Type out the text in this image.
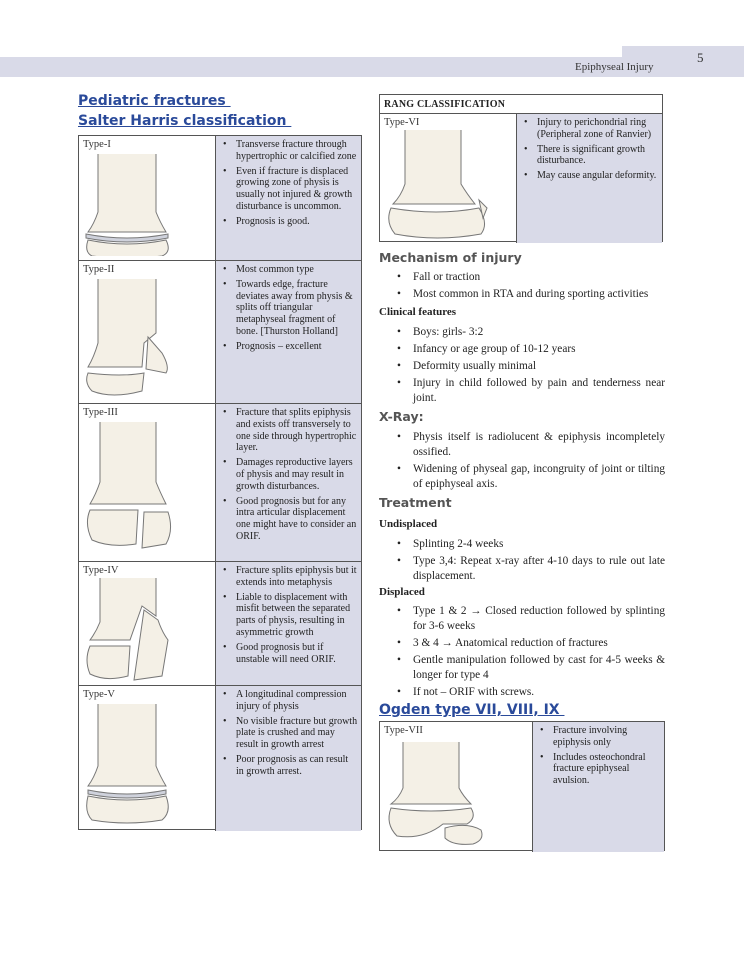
5
Epiphyseal Injury
Pediatric fractures
Salter Harris classification
Type-I	• Transverse fracture through hypertrophic or calcified zone
• Even if fracture is displaced growing zone of physis is usually not injured & growth disturbance is uncommon.
• Prognosis is good.
Type-II	• Most common type
• Towards edge, fracture deviates away from physis & splits off triangular metaphyseal fragment of bone. [Thurston Holland]
• Prognosis – excellent
Type-III	• Fracture that splits epiphysis and exists off transversely to one side through hypertrophic layer.
• Damages reproductive layers of physis and may result in growth disturbances.
• Good prognosis but for any intra articular displacement one might have to consider an ORIF.
Type-IV	• Fracture splits epiphysis but it extends into metaphysis
• Liable to displacement with misfit between the separated parts of physis, resulting in asymmetric growth
• Good prognosis but if unstable will need ORIF.
Type-V	• A longitudinal compression injury of physis
• No visible fracture but growth plate is crushed and may result in growth arrest
• Poor prognosis as can result in growth arrest.
RANG CLASSIFICATION
Type-VI	• Injury to perichondrial ring (Peripheral zone of Ranvier)
• There is significant growth disturbance.
• May cause angular deformity.
Mechanism of injury
• Fall or traction
• Most common in RTA and during sporting activities
Clinical features
• Boys: girls- 3:2
• Infancy or age group of 10-12 years
• Deformity usually minimal
• Injury in child followed by pain and tenderness near joint.
X-Ray:
• Physis itself is radiolucent & epiphysis incompletely ossified.
• Widening of physeal gap, incongruity of joint or tilting of epiphyseal axis.
Treatment
Undisplaced
• Splinting 2-4 weeks
• Type 3,4: Repeat x-ray after 4-10 days to rule out late displacement.
Displaced
• Type 1 & 2 → Closed reduction followed by splinting for 3-6 weeks
• 3 & 4 → Anatomical reduction of fractures
• Gentle manipulation followed by cast for 4-5 weeks & longer for type 4
• If not – ORIF with screws.
Ogden type VII, VIII, IX
Type-VII	• Fracture involving epiphysis only
• Includes osteochondral fracture epiphyseal avulsion.
